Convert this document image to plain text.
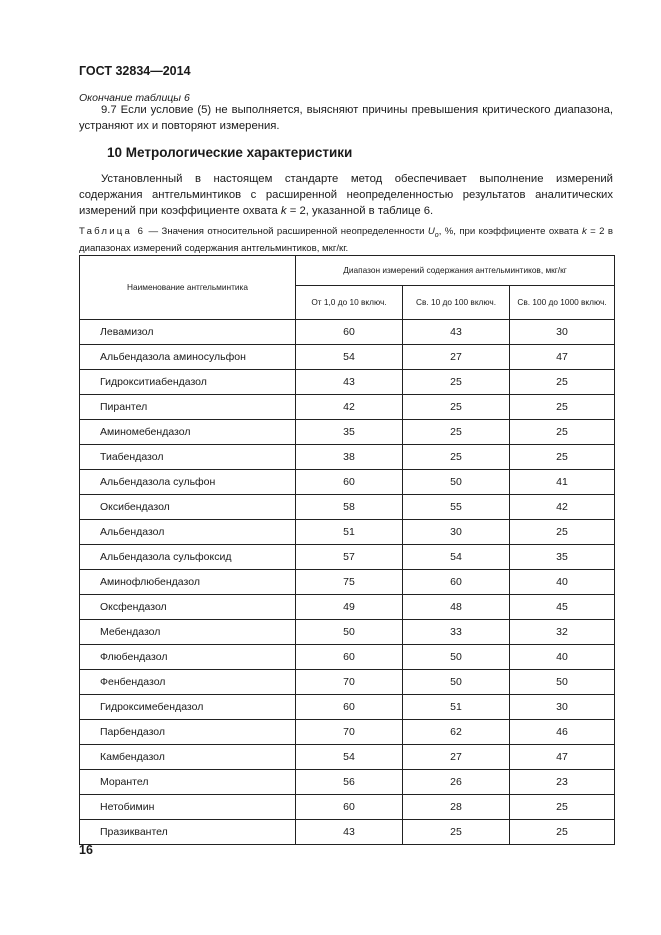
ГОСТ 32834—2014
Окончание таблицы 6
9.7 Если условие (5) не выполняется, выясняют причины превышения критического диапазона, устраняют их и повторяют измерения.
10 Метрологические характеристики
Установленный в настоящем стандарте метод обеспечивает выполнение измерений содержания антгельминтиков с расширенной неопределенностью результатов аналитических измерений при коэффициенте охвата k = 2, указанной в таблице 6.
Таблица 6 — Значения относительной расширенной неопределенности $U_o$, %, при коэффициенте охвата k = 2 в диапазонах измерений содержания антгельминтиков, мкг/кг.
Наименование антгельминтика	Диапазон измерений содержания антгельминтиков, мкг/кг		
	От 1,0 до 10 включ.	Св. 10 до 100 включ.	Св. 100 до 1000 включ.
Левамизол	60	43	30
Альбендазола аминосульфон	54	27	47
Гидрокситиабендазол	43	25	25
Пирантел	42	25	25
Аминомебендазол	35	25	25
Тиабендазол	38	25	25
Альбендазола сульфон	60	50	41
Оксибендазол	58	55	42
Альбендазол	51	30	25
Альбендазола сульфоксид	57	54	35
Аминофлюбендазол	75	60	40
Оксфендазол	49	48	45
Мебендазол	50	33	32
Флюбендазол	60	50	40
Фенбендазол	70	50	50
Гидроксимебендазол	60	51	30
Парбендазол	70	62	46
Камбендазол	54	27	47
Морантел	56	26	23
Нетобимин	60	28	25
Празиквантел	43	25	25
16
